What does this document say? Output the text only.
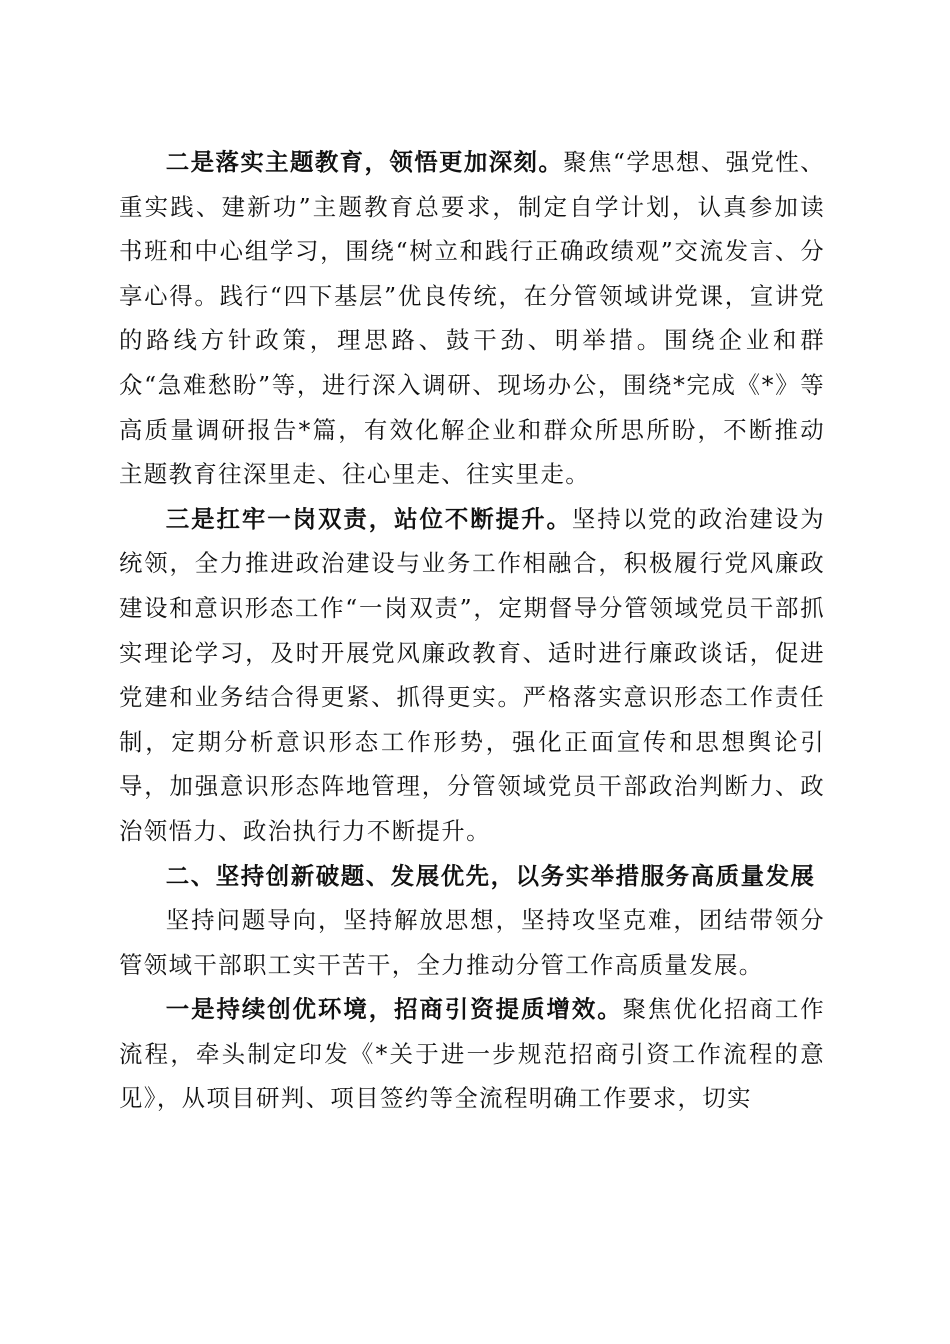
二是落实主题教育，领悟更加深刻。聚焦“学思想、强党性、重实践、建新功”主题教育总要求，制定自学计划，认真参加读书班和中心组学习，围绕“树立和践行正确政绩观”交流发言、分享心得。践行“四下基层”优良传统，在分管领域讲党课，宣讲党的路线方针政策，理思路、鼓干劲、明举措。围绕企业和群众“急难愁盼”等，进行深入调研、现场办公，围绕*完成《*》等高质量调研报告*篇，有效化解企业和群众所思所盼，不断推动主题教育往深里走、往心里走、往实里走。

三是扛牢一岗双责，站位不断提升。坚持以党的政治建设为统领，全力推进政治建设与业务工作相融合，积极履行党风廉政建设和意识形态工作“一岗双责”，定期督导分管领域党员干部抓实理论学习，及时开展党风廉政教育、适时进行廉政谈话，促进党建和业务结合得更紧、抓得更实。严格落实意识形态工作责任制，定期分析意识形态工作形势，强化正面宣传和思想舆论引导，加强意识形态阵地管理，分管领域党员干部政治判断力、政治领悟力、政治执行力不断提升。

二、坚持创新破题、发展优先，以务实举措服务高质量发展

坚持问题导向，坚持解放思想，坚持攻坚克难，团结带领分管领域干部职工实干苦干，全力推动分管工作高质量发展。

一是持续创优环境，招商引资提质增效。聚焦优化招商工作流程，牵头制定印发《*关于进一步规范招商引资工作流程的意见》，从项目研判、项目签约等全流程明确工作要求，切实
